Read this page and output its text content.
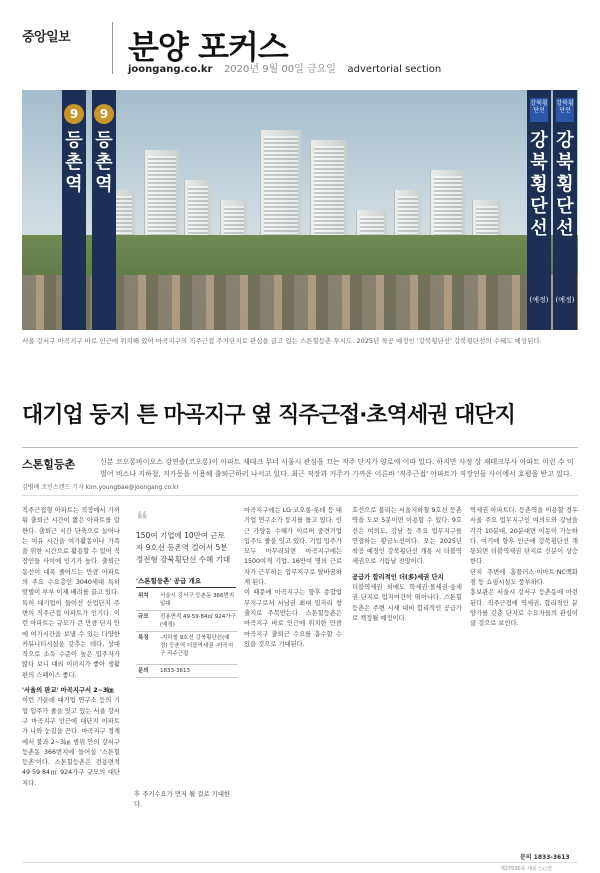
중앙일보 분양 포커스
joongang.co.kr 2020년 9월 00일 금요일 advertorial section
9
등촌역
9
등촌역
강북횡단선
강북횡단선
(예정)
강북횡단선
강북횡단선
(예정)
서울 강서구 마곡지구 바로 인근에 위치해 있어 마곡지구의 직주근접 주거단지로 관심을 끌고 있는 스톤힐등촌 투시도. 2025년 착공 예정인 '강북횡단선' 강북횡단선의 수혜도 예상된다.
대기업 둥지 튼 마곡지구 옆 직주근접·초역세권 대단지
스톤힐등촌	신분 코오롱바이오스 강연솔(코오롱)이 아파트 재테크 무너 서울시 관심을 끄는 직주 단지가 양로에 이따 있다. 하지만 사정 상 재테크무사 아파트 이런 수 미 벌어 비스나 지하철, 지가동을 이용해 출퇴근하러 나서고 있다. 최근 직장과 거주가 가까운 이른바 '직주근접' 아파트가 직장인들 사이에서 호평을 받고 있다.
김병배 조인스랜드 기자 kim.youngbae@joongang.co.kr

직주근접형 아파트는 직장에서 가까워 출퇴근 시간이 짧은 아파트를 말한다. 출퇴근 시간 단축으로 늘어나는 여유 시간을 여가활동이나 가족을 위한 시간으로 활용할 수 있어 직장인들 사이에 인기가 높다. 출퇴근 동선이 대폭 줄어드는 만큼 아파트의 주요 수요층인 3040세대 특히 맞벌이 부부 이제 배려를 끌고 있다.

특히 대기업이 들어선 산업단지 주변의 직주근접 아파트가 인기다. 이런 아파트는 규모가 큰 만큼 단지 안에 여가시간을 보낼 수 있는 다양한 커뮤니티시설을 갖추는 데다, 상대적으로 소득 수준이 높은 입주자가 많다 보니 대외 이미지가 좋아 생활 편의 스페이스 좋다.

'서울의 판교' 마곡지구서 2~3㎞

이런 가운데 대기업 연구소 등의 기업 입주가 줄을 잇고 있는 서울 강서구 마곡지구 인근에 대단지 아파트가 나와 눈길을 끈다. 마곡지구 경계에서 불과 2~3㎞ 범위 안의 강서구 등촌동 366번지에 들어설 '스톤힐등촌'이다. 스톤힐등촌은 전용면적 49·59·84㎡ 924가구 규모의 대단지다.

❝
150여 기업에 10만여 근로자 9호선 등촌역 걸어서 5분 정전형 강북횡단선 수혜 기대
'스톤힐등촌' 공급 개요
위치	서울시 강서구 등촌동 366번지 일대
규모	전용면적 49·59·84㎡ 924가구 (예정)
특징	-지하철 9호선 강북횡단선(예정) 등촌역 더블역세권 -마곡지구 직주근접
문의	1833-3613

후 주거수요가 먼저 될 걸로 기대한다.

마곡지구에는 LG·코오롱·롯데 등 대기업 연구소가 둥지를 틀고 있다. 인근 가양동 수혜가 이르며 중견기업 입주도 줄을 잇고 있다. 기업 입주가 모두 마무리되면 마곡지구에는 1500여개 기업, 16만여 명의 근로자가 근무하는 업무지구로 탈바꿈하게 된다.

이 때문에 마곡지구는 향후 종합업무지구로서 서남권 최대 일자리 창출지로 주목받는다. 스톤힐등촌은 마곡지구 바로 인근에 위치한 만큼 마곡지구 출퇴근 수요를 흡수할 수 있을 것으로 기대된다.

호선으로 불리는 서울지하철 9호선 등촌역을 도보 5분이면 이용할 수 있다. 9호선은 여의도, 강남 등 주요 업무지구를 연결하는 황금노선이다. 오는 2025년 착공 예정인 강북횡단선 개통 시 더블역세권으로 거듭날 전망이다.

공급가 합리적인 더(多)세권 단지

더블역세권 외에도 학세권·몰세권·숲세권 단지로 입지여건이 뛰어나다. 스톤힐등촌은 주변 시세 대비 합리적인 공급가로 책정될 예정이다.

역세권 아파트다. 등촌역을 이용할 경우 서울 주요 업무지구인 여의도와 강남을 각각 10분대, 20분대면 이동이 가능하다. 여기에 향후 인근에 강북횡단선 개통되면 더블역세권 단지로 신분이 상승한다.

단지 주변에 홈플러스·이마트·NC백화점 등 쇼핑시설도 풍부하다.

흥보관은 서울시 강서구 등촌동에 마련된다. 직주근접에 역세권, 합리적인 분양가를 갖춘 단지로 수요자들의 관심이 클 것으로 보인다.

문의 1833-3613
제27030호 새로 ○○면
